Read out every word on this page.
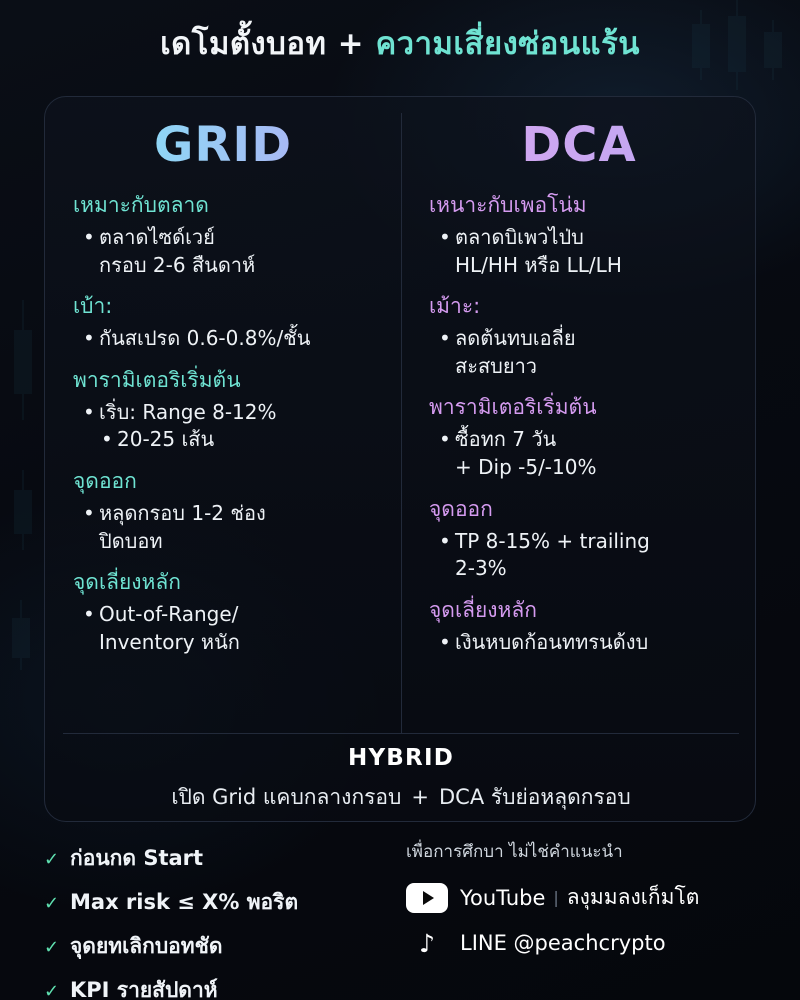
เดโมตั้งบอท + ความเสี่ยงซ่อนแร้น
GRID
เหมาะกับตลาด
• ตลาดไซด์เวย์
กรอบ 2-6 สืนดาห์
เบ้า:
• กันสเปรด 0.6-0.8%/ชั้น
พารามิเตอริเริ่มต้น
• เริ่บ: Range 8-12%
• 20-25 เส้น
จุดออก
• หลุดกรอบ 1-2 ช่อง
ปิดบอท
จุดเลี่ยงหลัก
• Out-of-Range/
Inventory หนัก
DCA
เหนาะกับเพอโน่ม
• ตลาดบิเพวไป่บ
HL/HH หรือ LL/LH
เม้าะ:
• ลดต้นทบเอลี่ย
สะสบยาว
พารามิเตอริเริ่มต้น
• ซื้อทก 7 วัน
+ Dip -5/-10%
จุดออก
• TP 8-15% + trailing
2-3%
จุดเลี่ยงหลัก
• เงินหบดก้อนททรนด้งบ
HYBRID
เปิด Grid แคบกลางกรอบ + DCA รับย่อหลุดกรอบ
✓ ก่อนกด Start
✓ Max risk ≤ X% พอริต
✓ จุดยทเลิกบอทชัด
✓ KPI รายสัปดาห์
เพื่อการศึกบา ไม่ไช่คำแนะนำ
YouTube | ลงุมมลงเก็มโต
♪	LINE @peachcrypto
